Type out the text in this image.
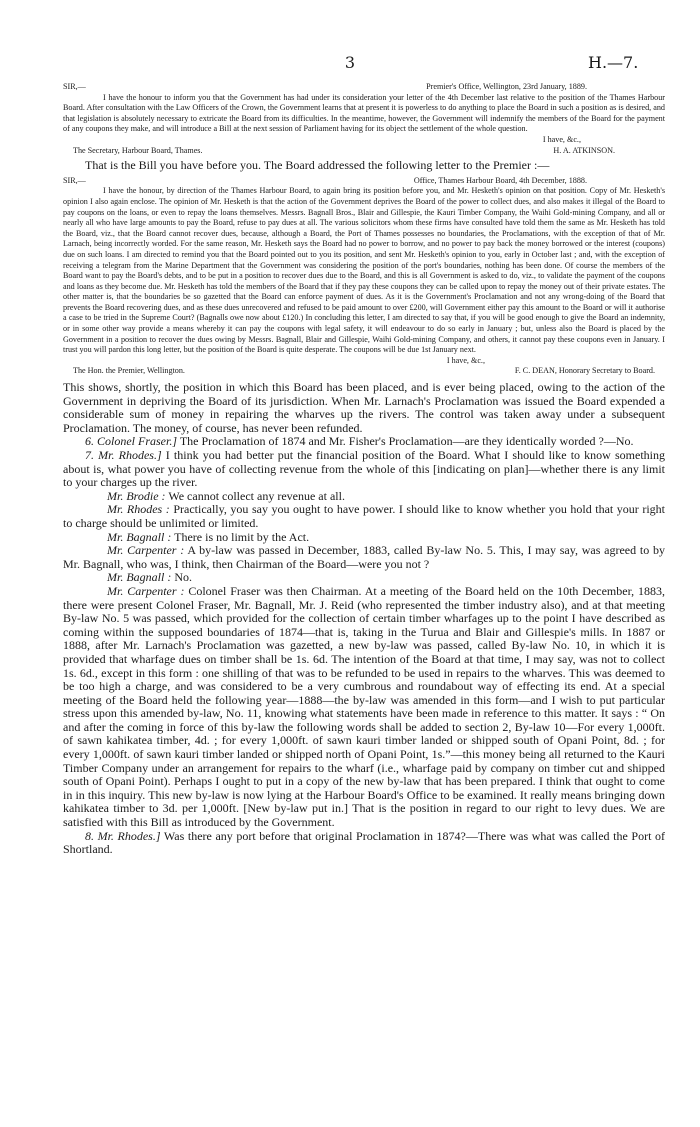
3	H.—7.
SIR,—	Premier's Office, Wellington, 23rd January, 1889.

I have the honour to inform you that the Government has had under its consideration your letter of the 4th December last relative to the position of the Thames Harbour Board. After consultation with the Law Officers of the Crown, the Government learns that at present it is powerless to do anything to place the Board in such a position as is desired, and that legislation is absolutely necessary to extricate the Board from its difficulties. In the meantime, however, the Government will indemnify the members of the Board for the payment of any coupons they make, and will introduce a Bill at the next session of Parliament having for its object the settlement of the whole question.

I have, &c.,
The Secretary, Harbour Board, Thames.	H. A. ATKINSON.

That is the Bill you have before you. The Board addressed the following letter to the Premier :—

SIR,—	Office, Thames Harbour Board, 4th December, 1888.

I have the honour, by direction of the Thames Harbour Board, to again bring its position before you, and Mr. Hesketh's opinion on that position. Copy of Mr. Hesketh's opinion I also again enclose. The opinion of Mr. Hesketh is that the action of the Government deprives the Board of the power to collect dues, and also makes it illegal of the Board to pay coupons on the loans, or even to repay the loans themselves. Messrs. Bagnall Bros., Blair and Gillespie, the Kauri Timber Company, the Waihi Gold-mining Company, and all or nearly all who have large amounts to pay the Board, refuse to pay dues at all. The various solicitors whom these firms have consulted have told them the same as Mr. Hesketh has told the Board, viz., that the Board cannot recover dues, because, although a Board, the Port of Thames possesses no boundaries, the Proclamations, with the exception of that of Mr. Larnach, being incorrectly worded. For the same reason, Mr. Hesketh says the Board had no power to borrow, and no power to pay back the money borrowed or the interest (coupons) due on such loans. I am directed to remind you that the Board pointed out to you its position, and sent Mr. Hesketh's opinion to you, early in October last ; and, with the exception of receiving a telegram from the Marine Department that the Government was considering the position of the port's boundaries, nothing has been done. Of course the members of the Board want to pay the Board's debts, and to be put in a position to recover dues due to the Board, and this is all Government is asked to do, viz., to validate the payment of the coupons and loans as they become due. Mr. Hesketh has told the members of the Board that if they pay these coupons they can be called upon to repay the money out of their private estates. The other matter is, that the boundaries be so gazetted that the Board can enforce payment of dues. As it is the Government's Proclamation and not any wrong-doing of the Board that prevents the Board recovering dues, and as these dues unrecovered and refused to be paid amount to over £200, will Government either pay this amount to the Board or will it authorise a case to be tried in the Supreme Court? (Bagnalls owe now about £120.) In concluding this letter, I am directed to say that, if you will be good enough to give the Board an indemnity, or in some other way provide a means whereby it can pay the coupons with legal safety, it will endeavour to do so early in January ; but, unless also the Board is placed by the Government in a position to recover the dues owing by Messrs. Bagnall, Blair and Gillespie, Waihi Gold-mining Company, and others, it cannot pay these coupons even in January. I trust you will pardon this long letter, but the position of the Board is quite desperate. The coupons will be due 1st January next.

I have, &c.,
The Hon. the Premier, Wellington.	F. C. DEAN, Honorary Secretary to Board.

This shows, shortly, the position in which this Board has been placed, and is ever being placed, owing to the action of the Government in depriving the Board of its jurisdiction. When Mr. Larnach's Proclamation was issued the Board expended a considerable sum of money in repairing the wharves up the rivers. The control was taken away under a subsequent Proclamation. The money, of course, has never been refunded.

6. Colonel Fraser.] The Proclamation of 1874 and Mr. Fisher's Proclamation—are they identically worded ?—No.

7. Mr. Rhodes.] I think you had better put the financial position of the Board. What I should like to know something about is, what power you have of collecting revenue from the whole of this [indicating on plan]—whether there is any limit to your charges up the river.

Mr. Brodie : We cannot collect any revenue at all.

Mr. Rhodes : Practically, you say you ought to have power. I should like to know whether you hold that your right to charge should be unlimited or limited.

Mr. Bagnall : There is no limit by the Act.

Mr. Carpenter : A by-law was passed in December, 1883, called By-law No. 5. This, I may say, was agreed to by Mr. Bagnall, who was, I think, then Chairman of the Board—were you not ?

Mr. Bagnall : No.

Mr. Carpenter : Colonel Fraser was then Chairman. At a meeting of the Board held on the 10th December, 1883, there were present Colonel Fraser, Mr. Bagnall, Mr. J. Reid (who represented the timber industry also), and at that meeting By-law No. 5 was passed, which provided for the collection of certain timber wharfages up to the point I have described as coming within the supposed boundaries of 1874—that is, taking in the Turua and Blair and Gillespie's mills. In 1887 or 1888, after Mr. Larnach's Proclamation was gazetted, a new by-law was passed, called By-law No. 10, in which it is provided that wharfage dues on timber shall be 1s. 6d. The intention of the Board at that time, I may say, was not to collect 1s. 6d., except in this form : one shilling of that was to be refunded to be used in repairs to the wharves. This was deemed to be too high a charge, and was considered to be a very cumbrous and roundabout way of effecting its end. At a special meeting of the Board held the following year—1888—the by-law was amended in this form—and I wish to put particular stress upon this amended by-law, No. 11, knowing what statements have been made in reference to this matter. It says : “ On and after the coming in force of this by-law the following words shall be added to section 2, By-law 10—For every 1,000ft. of sawn kahikatea timber, 4d. ; for every 1,000ft. of sawn kauri timber landed or shipped south of Opani Point, 8d. ; for every 1,000ft. of sawn kauri timber landed or shipped north of Opani Point, 1s.”—this money being all returned to the Kauri Timber Company under an arrangement for repairs to the wharf (i.e., wharfage paid by company on timber cut and shipped south of Opani Point). Perhaps I ought to put in a copy of the new by-law that has been prepared. I think that ought to come in in this inquiry. This new by-law is now lying at the Harbour Board's Office to be examined. It really means bringing down kahikatea timber to 3d. per 1,000ft. [New by-law put in.] That is the position in regard to our right to levy dues. We are satisfied with this Bill as introduced by the Government.

8. Mr. Rhodes.] Was there any port before that original Proclamation in 1874?—There was what was called the Port of Shortland.
